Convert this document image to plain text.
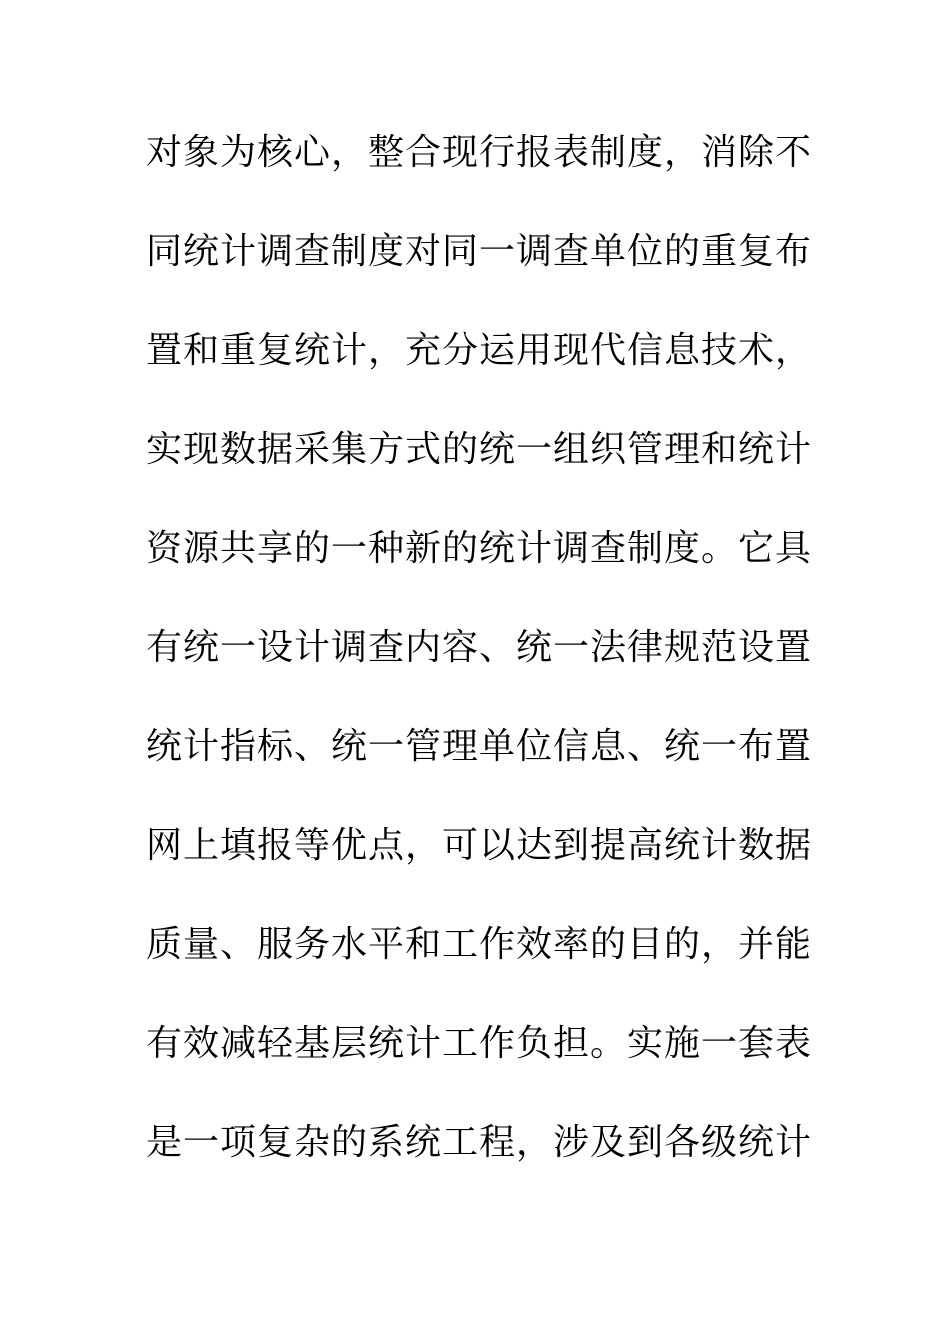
对象为核心，整合现行报表制度，消除不
同统计调查制度对同一调查单位的重复布
置和重复统计，充分运用现代信息技术，
实现数据采集方式的统一组织管理和统计
资源共享的一种新的统计调查制度。它具
有统一设计调查内容、统一法律规范设置
统计指标、统一管理单位信息、统一布置
网上填报等优点，可以达到提高统计数据
质量、服务水平和工作效率的目的，并能
有效减轻基层统计工作负担。实施一套表
是一项复杂的系统工程，涉及到各级统计
